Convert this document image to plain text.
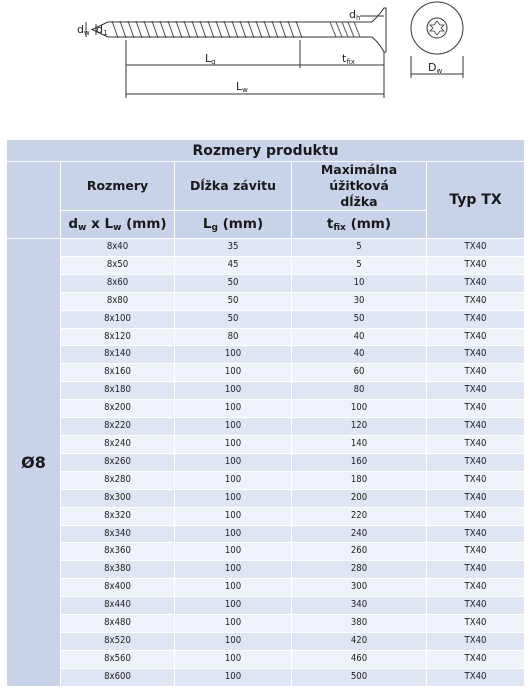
dw d1
dh
Lg	tfix
Lw
Dw
Rozmery produktu				
	Rozmery	Dĺžka závitu	Maximálna úžitková dĺžka	Typ TX
	$d_w$ x $L_w$ (mm)	$L_g$ (mm)	$t_{fix}$ (mm)	
Ø8	8x40	35	5	TX40
	8x50	45	5	TX40
	8x60	50	10	TX40
	8x80	50	30	TX40
	8x100	50	50	TX40
	8x120	80	40	TX40
	8x140	100	40	TX40
	8x160	100	60	TX40
	8x180	100	80	TX40
	8x200	100	100	TX40
	8x220	100	120	TX40
	8x240	100	140	TX40
	8x260	100	160	TX40
	8x280	100	180	TX40
	8x300	100	200	TX40
	8x320	100	220	TX40
	8x340	100	240	TX40
	8x360	100	260	TX40
	8x380	100	280	TX40
	8x400	100	300	TX40
	8x440	100	340	TX40
	8x480	100	380	TX40
	8x520	100	420	TX40
	8x560	100	460	TX40
	8x600	100	500	TX40
